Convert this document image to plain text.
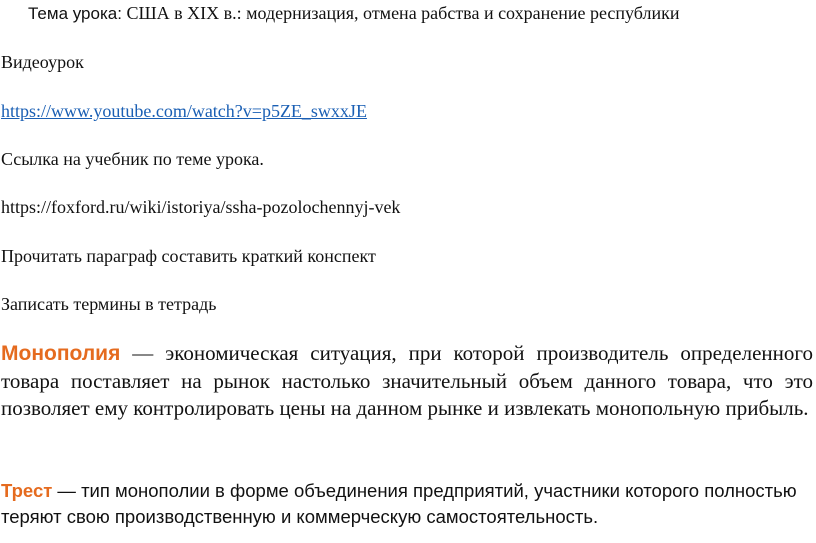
Тема урока: США в XIX в.: модернизация, отмена рабства и сохранение республики
Видеоурок
https://www.youtube.com/watch?v=p5ZE_swxxJE
Ссылка на учебник по теме урока.
https://foxford.ru/wiki/istoriya/ssha-pozolochennyj-vek
Прочитать параграф составить краткий конспект
Записать термины в тетрадь
Монополия — экономическая ситуация, при которой производитель определенного товара поставляет на рынок настолько значительный объем данного товара, что это позволяет ему контролировать цены на данном рынке и извлекать монопольную прибыль.
Трест — тип монополии в форме объединения предприятий, участники которого полностью теряют свою производственную и коммерческую самостоятельность.
